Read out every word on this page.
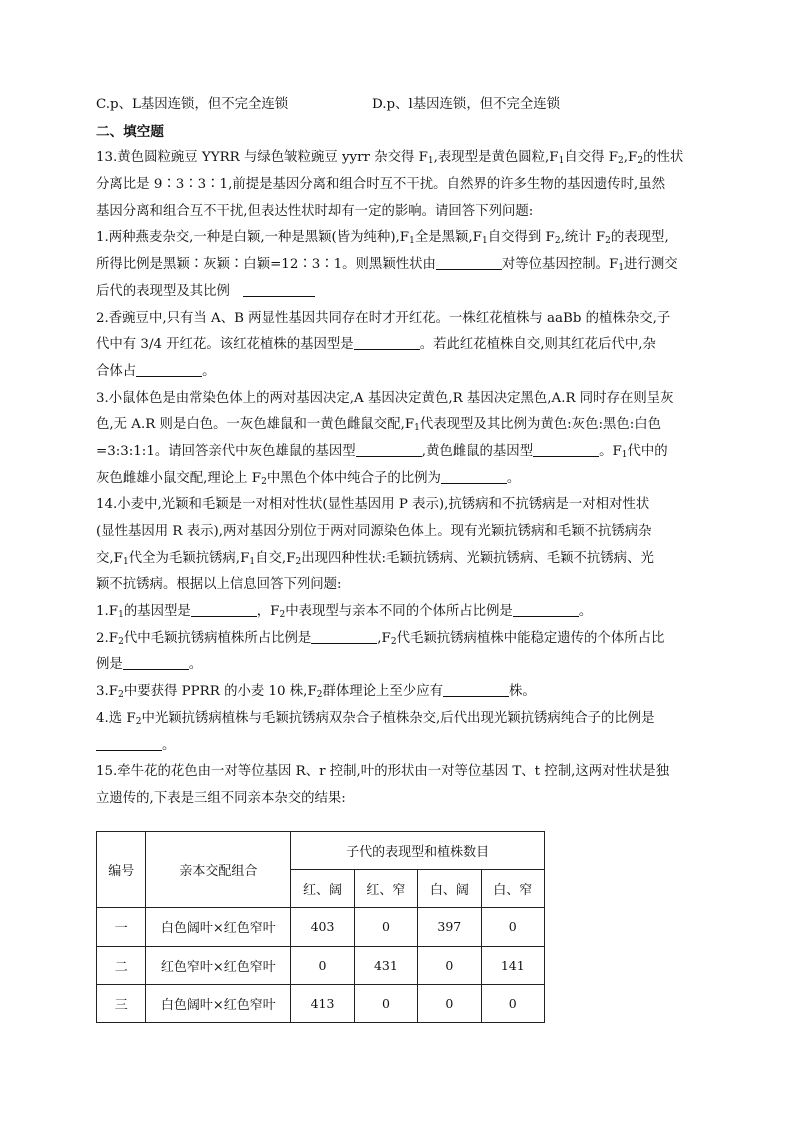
C.p、L基因连锁，但不完全连锁	D.p、l基因连锁，但不完全连锁
二、填空题
13.黄色圆粒豌豆 YYRR 与绿色皱粒豌豆 yyrr 杂交得 $F_1$,表现型是黄色圆粒$,F_1$自交得 $F_2,F_2$的性状
分离比是 9∶3∶3∶1,前提是基因分离和组合时互不干扰。自然界的许多生物的基因遗传时,虽然
基因分离和组合互不干扰,但表达性状时却有一定的影响。请回答下列问题:
1.两种燕麦杂交,一种是白颖,一种是黑颖(皆为纯种)$,F_1$全是黑颖$,F_1$自交得到 $F_2$,统计 $F_2$的表现型,
所得比例是黑颖∶灰颖∶白颖=12∶3∶1。则黑颖性状由	对等位基因控制。$F_1$进行测交
后代的表现型及其比例
2.香豌豆中,只有当 A、B 两显性基因共同存在时才开红花。一株红花植株与 aaBb 的植株杂交,子
代中有 3/4 开红花。该红花植株的基因型是	。若此红花植株自交,则其红花后代中,杂
合体占	。
3.小鼠体色是由常染色体上的两对基因决定,A 基因决定黄色,R 基因决定黑色,A.R 同时存在则呈灰
色,无 A.R 则是白色。一灰色雄鼠和一黄色雌鼠交配$,F_1$代表现型及其比例为黄色:灰色:黑色:白色
=3:3:1:1。请回答亲代中灰色雄鼠的基因型	,黄色雌鼠的基因型	。$F_1$代中的
灰色雌雄小鼠交配,理论上 $F_2$中黑色个体中纯合子的比例为	。
14.小麦中,光颖和毛颖是一对相对性状(显性基因用 P 表示),抗锈病和不抗锈病是一对相对性状
(显性基因用 R 表示),两对基因分别位于两对同源染色体上。现有光颖抗锈病和毛颖不抗锈病杂
交$,F_1$代全为毛颖抗锈病$,F_1$自交$,F_2$出现四种性状:毛颖抗锈病、光颖抗锈病、毛颖不抗锈病、光
颖不抗锈病。根据以上信息回答下列问题:
$1.F_1$的基因型是	，$F_2$中表现型与亲本不同的个体所占比例是	。
$2.F_2$代中毛颖抗锈病植株所占比例是	$,F_2$代毛颖抗锈病植株中能稳定遗传的个体所占比
例是	。
$3.F_2$中要获得 PPRR 的小麦 10 株$,F_2$群体理论上至少应有	株。
4.选 $F_2$中光颖抗锈病植株与毛颖抗锈病双杂合子植株杂交,后代出现光颖抗锈病纯合子的比例是
。
15.牵牛花的花色由一对等位基因 R、r 控制,叶的形状由一对等位基因 T、t 控制,这两对性状是独
立遗传的,下表是三组不同亲本杂交的结果:
编号	亲本交配组合	子代的表现型和植株数目			
		红、阔	红、窄	白、阔	白、窄
一	白色阔叶×红色窄叶	403	0	397	0
二	红色窄叶×红色窄叶	0	431	0	141
三	白色阔叶×红色窄叶	413	0	0	0
